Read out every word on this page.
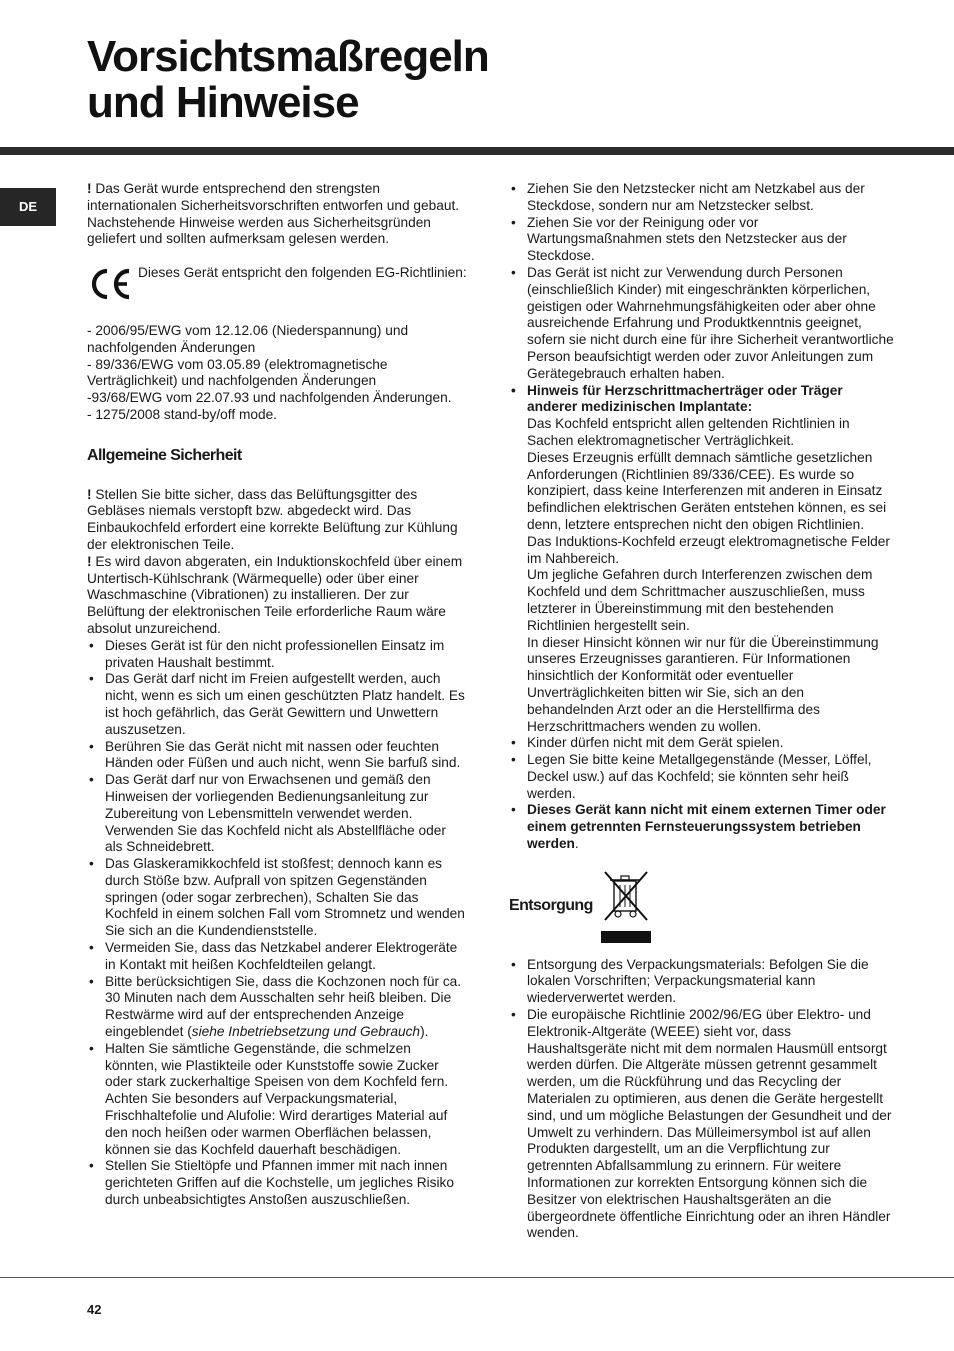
Vorsichtsmaßregeln
und Hinweise
DE

! Das Gerät wurde entsprechend den strengsten internationalen Sicherheitsvorschriften entworfen und gebaut. Nachstehende Hinweise werden aus Sicherheitsgründen geliefert und sollten aufmerksam gelesen werden.

Dieses Gerät entspricht den folgenden EG-Richtlinien:

- 2006/95/EWG vom 12.12.06 (Niederspannung) und nachfolgenden Änderungen

- 89/336/EWG vom 03.05.89 (elektromagnetische Verträglichkeit) und nachfolgenden Änderungen

-93/68/EWG vom 22.07.93 und nachfolgenden Änderungen.

- 1275/2008 stand-by/off mode.

Allgemeine Sicherheit

! Stellen Sie bitte sicher, dass das Belüftungsgitter des Gebläses niemals verstopft bzw. abgedeckt wird. Das Einbaukochfeld erfordert eine korrekte Belüftung zur Kühlung der elektronischen Teile.

! Es wird davon abgeraten, ein Induktionskochfeld über einem Untertisch-Kühlschrank (Wärmequelle) oder über einer Waschmaschine (Vibrationen) zu installieren. Der zur Belüftung der elektronischen Teile erforderliche Raum wäre absolut unzureichend.

• Dieses Gerät ist für den nicht professionellen Einsatz im privaten Haushalt bestimmt.
• Das Gerät darf nicht im Freien aufgestellt werden, auch nicht, wenn es sich um einen geschützten Platz handelt. Es ist hoch gefährlich, das Gerät Gewittern und Unwettern auszusetzen.
• Berühren Sie das Gerät nicht mit nassen oder feuchten Händen oder Füßen und auch nicht, wenn Sie barfuß sind.
• Das Gerät darf nur von Erwachsenen und gemäß den Hinweisen der vorliegenden Bedienungsanleitung zur Zubereitung von Lebensmitteln verwendet werden. Verwenden Sie das Kochfeld nicht als Abstellfläche oder als Schneidebrett.
• Das Glaskeramikkochfeld ist stoßfest; dennoch kann es durch Stöße bzw. Aufprall von spitzen Gegenständen springen (oder sogar zerbrechen), Schalten Sie das Kochfeld in einem solchen Fall vom Stromnetz und wenden Sie sich an die Kundendienststelle.
• Vermeiden Sie, dass das Netzkabel anderer Elektrogeräte in Kontakt mit heißen Kochfeldteilen gelangt.
• Bitte berücksichtigen Sie, dass die Kochzonen noch für ca. 30 Minuten nach dem Ausschalten sehr heiß bleiben. Die Restwärme wird auf der entsprechenden Anzeige eingeblendet (siehe Inbetriebsetzung und Gebrauch).
• Halten Sie sämtliche Gegenstände, die schmelzen könnten, wie Plastikteile oder Kunststoffe sowie Zucker oder stark zuckerhaltige Speisen von dem Kochfeld fern. Achten Sie besonders auf Verpackungsmaterial, Frischhaltefolie und Alufolie: Wird derartiges Material auf den noch heißen oder warmen Oberflächen belassen, können sie das Kochfeld dauerhaft beschädigen.
• Stellen Sie Stieltöpfe und Pfannen immer mit nach innen gerichteten Griffen auf die Kochstelle, um jegliches Risiko durch unbeabsichtigtes Anstoßen auszuschließen.
• Ziehen Sie den Netzstecker nicht am Netzkabel aus der Steckdose, sondern nur am Netzstecker selbst.
• Ziehen Sie vor der Reinigung oder vor Wartungsmaßnahmen stets den Netzstecker aus der Steckdose.
• Das Gerät ist nicht zur Verwendung durch Personen (einschließlich Kinder) mit eingeschränkten körperlichen, geistigen oder Wahrnehmungsfähigkeiten oder aber ohne ausreichende Erfahrung und Produktkenntnis geeignet, sofern sie nicht durch eine für ihre Sicherheit verantwortliche Person beaufsichtigt werden oder zuvor Anleitungen zum Gerätegebrauch erhalten haben.
• Hinweis für Herzschrittmacherträger oder Träger anderer medizinischen Implantate:
Das Kochfeld entspricht allen geltenden Richtlinien in Sachen elektromagnetischer Verträglichkeit.
Dieses Erzeugnis erfüllt demnach sämtliche gesetzlichen Anforderungen (Richtlinien 89/336/CEE). Es wurde so konzipiert, dass keine Interferenzen mit anderen in Einsatz befindlichen elektrischen Geräten entstehen können, es sei denn, letztere entsprechen nicht den obigen Richtlinien.
Das Induktions-Kochfeld erzeugt elektromagnetische Felder im Nahbereich.
Um jegliche Gefahren durch Interferenzen zwischen dem Kochfeld und dem Schrittmacher auszuschließen, muss letzterer in Übereinstimmung mit den bestehenden Richtlinien hergestellt sein.
In dieser Hinsicht können wir nur für die Übereinstimmung unseres Erzeugnisses garantieren. Für Informationen hinsichtlich der Konformität oder eventueller Unverträglichkeiten bitten wir Sie, sich an den behandelnden Arzt oder an die Herstellfirma des Herzschrittmachers wenden zu wollen.
• Kinder dürfen nicht mit dem Gerät spielen.
• Legen Sie bitte keine Metallgegenstände (Messer, Löffel, Deckel usw.) auf das Kochfeld; sie könnten sehr heiß werden.
• Dieses Gerät kann nicht mit einem externen Timer oder einem getrennten Fernsteuerungssystem betrieben werden.
Entsorgung
• Entsorgung des Verpackungsmaterials: Befolgen Sie die lokalen Vorschriften; Verpackungsmaterial kann wiederverwertet werden.
• Die europäische Richtlinie 2002/96/EG über Elektro- und Elektronik-Altgeräte (WEEE) sieht vor, dass Haushaltsgeräte nicht mit dem normalen Hausmüll entsorgt werden dürfen. Die Altgeräte müssen getrennt gesammelt werden, um die Rückführung und das Recycling der Materialen zu optimieren, aus denen die Geräte hergestellt sind, und um mögliche Belastungen der Gesundheit und der Umwelt zu verhindern. Das Mülleimersymbol ist auf allen Produkten dargestellt, um an die Verpflichtung zur getrennten Abfallsammlung zu erinnern. Für weitere Informationen zur korrekten Entsorgung können sich die Besitzer von elektrischen Haushaltsgeräten an die übergeordnete öffentliche Einrichtung oder an ihren Händler wenden.
42
